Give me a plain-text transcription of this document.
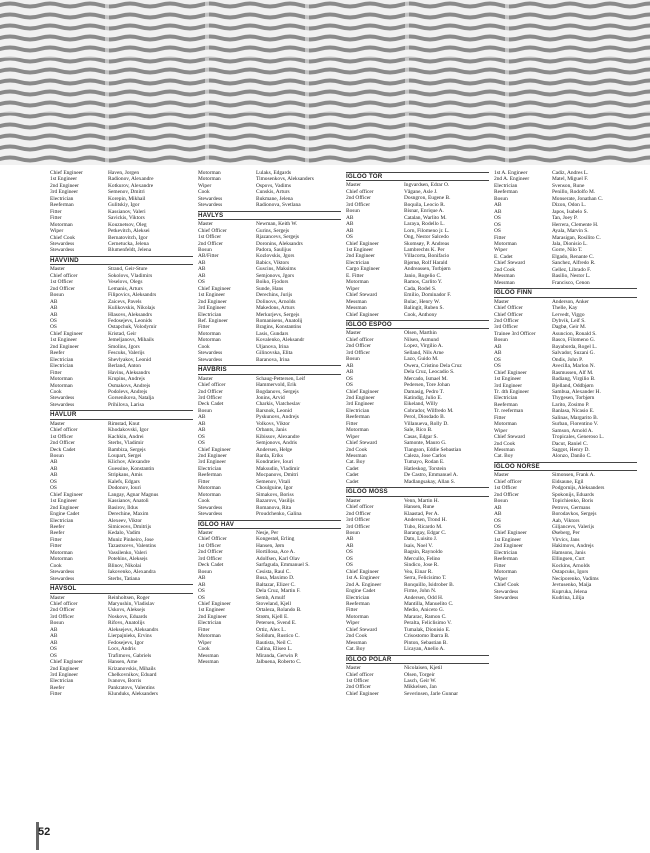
Chief Engineer	Haven, Jorgen
1st Engineer	Radionov, Alexandre
2nd Engineer	Kotkurov, Alexandre
3rd Engineer	Semenov, Dmitri
Electrician	Korepin, Mikhail
Reeferman	Gulitskiy, Igor
Fitter	Kassianov, Valeri
Fitter	Savickis, Viktors
Motorman	Kouznetsov, Oleg
Wiper	Petkevitch, Aleksei
Chief Cook	Bernatovitch, Igor
Stewardess	Cernetucka, Jelena
Stewardess	Blumenfeldt, Jelena
HAVVIND
Master	Strand, Geir-Sture
Chief officer	Sokolovs, Vladimirs
1st Officer	Veselovs, Olegs
2nd Officer	Lemanis, Arturs
Bosun	Filipovics, Aleksandrs
AB	Zaicevs, Pavels
AB	Kulikovskis, Nikolajs
AB	Hlasovs, Aleksandrs
OS	Fedosejevs, Leonids
OS	Ostapchuk, Volodymir
Chief Engineer	Kristad, Geir
1st Engineer	Jemeljanovs, Mihails
2nd Engineer	Smolins, Jgors
Reefer	Fescuks, Valerijs
Electrician	Shevlyakov, Leonid
Electrician	Berland, Anton
Fitter	Havins, Aleksandrs
Motorman	Krupins, Andrejs
Motorman	Osmakovs, Andrejs
Cook	Podolevs, Andrejs
Stewardess	Gorsenikova, Natalja
Stewardess	Prihilova, Larisa
HAVLUR
Master	Rimstad, Knut
Chief officer	Khodakovski, Igor
1st Officer	Kachkin, Andrei
2nd Officer	Sterbs, Vladimir
Deck Cadet	Bambiza, Sergejs
Bosun	Loupart, Sergei
AB	Klichov, Alexandre
AB	Guessine, Konstantin
AB	Stripkans, Amis
OS	Kalefs, Edgars
OS	Dodonov, Iouri
Chief Engineer	Langay, Agnar Magnus
1st Engineer	Kassianov, Anatoli
2nd Engineer	Basirov, Ildus
Engine Cadet	Derechine, Maxim
Electrician	Alexeev, Viktor
Reefer	Simiceovs, Dmitrijs
Reefer	Kedalo, Vadim
Fitter	Muniz Pinheiro, Jose
Fitter	Tazastscevs, Valentins
Motorman	Vassilenko, Valeri
Motorman	Potehins, Aleksejs
Cook	Blinov, Nikolai
Stewardess	Iakovenko, Alexandra
Stewardess	Sterbs, Tatiana
HAVSOL
Master	Reinholtsen, Roger
Chief officer	Maryushin, Vladislav
2nd Officer	Uskovs, Aleksejs
3rd Officer	Noskovs, Eduards
Bosun	Rifovs, Anatolijs
AB	Aleksejevs, Aleksandrs
AB	Lierpajnieks, Ervins
AB	Fedosejevs, Igor
OS	Locs, Andris
OS	Trafimovs, Gabriels
Chief Engineer	Hansen, Arne
2nd Engineer	Krizanovskis, Mihails
3rd Engineer	Chelkovnikov, Eduard
Electrician	Ivanovs, Borris
Reefer	Pankratovs, Valentins
Fitter	Klunduks, Aleksanders
Motorman	Lulaks, Edgards
Motorman	Timosenkovs, Aleksanders
Wiper	Ospovs, Vadims
Cook	Cunskis, Arturs
Stewardess	Bukmane, Jelena
Stewardess	Radionova, Svetlana
HAVLYS
Master	Newman, Keith W.
Chief Officer	Gurins, Sergejs
1st Officer	Rjazancevs, Sergejs
2nd Officer	Doronins, Aleksandrs
Bosun	Padora, Saulijus
AB/Fitter	Kozlovskis, Jgors
AB	Babics, Viktors
AB	Guscins, Maksims
AB	Semjonovs, Jgors
OS	Boiko, Fjodors
Chief Engineer	Sunde, Hans
1st Engineer	Derechins, Jurijs
2nd Engineer	Dolinovs, Arnolds
3rd Engineer	Makedons, Arturs
Electrician	Merkurjevs, Sergejs
Ref. Engineer	Romanisens, Anatolij
Fitter	Bragins, Konstantins
Motorman	Lasis, Gundars
Motorman	Kovalenko, Aleksandr
Cook	Uljanova, Irina
Stewardess	Gilinovska, Elita
Stewardess	Baranova, Irina
HAVBRIS
Master	Schaug-Pettersen, Leif
Chief officer	Hammervold, Erik
2nd Officer	Bogdanovs, Sergejs
3rd Officer	Jonins, Arvid
Deck Cadet	Charkis, Viatcheslav
Bosun	Barsnok, Leonid
AB	Pyskunovs, Andrejs
AB	Volkovs, Viktor
AB	Orbants, Janis
OS	Kibissov, Alexandre
OS	Semjonovs, Andris
Chief Engineer	Andersen, Helge
2nd Engineer	Barda, Eriks
3rd Engineer	Kondratiev, Iouri
Electrician	Maksudin, Vladimir
Reeferman	Mocpanovs, Dmitri
Fitter	Semenov, Vitali
Motorman	Choulguine, Igor
Motorman	Simakovs, Boriss
Cook	Bazarovs, Vasilijs
Stewardess	Romanova, Rita
Stewardess	Proudchenko, Galina
IGLOO HAV
Master	Nesje, Per
Chief Officer	Kongestøl, Erling
1st Officer	Hansen, Jørn
2nd Officer	Hortillosa, Ace A.
3rd Officer	Adolfsen, Karl Olav
Deck Cadet	Sarfaguda, Emmanuel S.
Bosun	Cesista, Raul C.
AB	Busa, Maximo D.
AB	Baltazar, Elizer C.
OS	Dela Cruz, Martin F.
OS	Semb, Arnulf
Chief Engineer	Stoveland, Kjell
1st Engineer	Ortaleza, Rolando B.
2nd Engineer	Strøm, Kjell E.
Electrician	Petersen, Svend E.
Fitter	Ortiz, Alex L.
Motorman	Solidum, Rustico C.
Wiper	Bautista, Neil C.
Cook	Calina, Eliseo L.
Messman	Miranda, Gerwin P.
Messman	Jalbuena, Roberto C.
IGLOO TOR
Master	Ingvardsen, Edrar O.
Chief officer	Vågane, Asle J.
2nd Officer	Dosngron, Eugene B.
3rd Officer	Boquila, Leocio R.
Bosun	Bisnar, Enrique A.
AB	Catalan, Warlito M.
AB	Laraya, Rodello L.
AB	Lorn, Filomeno jr. L.
OS	Ong, Nestor Salcedo
Chief Engineer	Skomsøy, P. Andreas
1st Engineer	Lambrechts K. Per
2nd Engineer	Villacorta, Bonifacio
Electrician	Bjørnø, Rolf Harald
Cargo Engineer	Andreassen, Torbjørn
E. Fitter	Janio, Rogelio C.
Motorman	Ramos, Carlito Y.
Wiper	Cada, Rodel S.
Chief Steward	Emilio, Dominador F.
Messman	Bulac, Henry W.
Messman	Balingit, Ruben S.
Chief Engineer	Cook, Anthony
IGLOO ESPOO
Master	Olsen, Marthin
Chief officer	Nilsen, Asmund
2nd Officer	Lopez, Virgilio A.
3rd Officer	Selland, Nils Arne
Bosun	Lazo, Guido M.
AB	Owera, Cristino Dela Cruz
AB	Dela Cruz, Leocadio S.
OS	Mercado, Ismael M.
OS	Pedersen, Tore Johan
Chief Engineer	Damasig, Pedro T.
2nd Engineer	Katindig, Julio E.
3rd Engineer	Eikeland, Willy
Electrician	Cobrador, Wilfredo M.
Reeferman	Perol, Diosdado B.
Fitter	Villanueva, Rolly D.
Motorman	Sale, Rico B.
Wiper	Casas, Edgar S.
Chief Steward	Samonte, Mauro G.
2nd Cook	Tiangson, Eddie Sebastian
Messman	Caleza, Jose Carlos
Cat. Boy	Tumayo, Rodan E.
Cadet	Hatleskog, Torstein
Cadet	De Castro, Emmanuel A.
Cadet	Madlangsakay, Allan S.
IGLOO MOSS
Master	Venn, Martin H.
Chief officer	Hansen, Rune
2nd Officer	Klaastad, Per A.
3rd Officer	Andersen, Trond H.
3rd Officer	Tubo, Ricardo M.
Bosun	Barangay, Edgar C.
AB	Datu, Luisito J.
AB	Isais, Noel V.
OS	Bagsin, Raynoldo
OS	Mercullo, Felino
OS	Sindico, Jose R.
Chief Engineer	Vea, Einar R.
1st A. Engineer	Serra, Felicisimo T.
2nd A. Engineer	Ronquillo, Isidrober B.
Engine Cadet	Firme, John N.
Electrician	Andersen, Odd H.
Reeferman	Mantilla, Manuelito C.
Fitter	Medio, Aniceto G.
Motorman	Mararac, Ramon C.
Wiper	Peralta, Feliclisimo V.
Chief Steward	Tumalak, Dionisio E.
2nd Cook	Crisostomo Ibarra B.
Messman	Pinton, Sebastian B.
Cat. Boy	Licayan, Anelio A.
IGLOO POLAR
Master	Nicolaisen, Kjetil
Chief officer	Olsen, Torgeir
1st Officer	Lasch, Geir W.
2nd Officer	Mikkelsen, Jan
Chief Engineer	Severinsen, Jarle Gunnar
1st A. Engineer	Cadiz, Andres L.
2nd A. Engineer	Matel, Miguel F.
Electrician	Svenson, Rune
Reeferman	Penillo, Rodolfo M.
Bosun	Monserate, Jonathan C.
AB	Dizon, Odon L.
AB	Japos, Isabelo S.
OS	Tan, Joey P.
OS	Herrera, Clemente H.
OS	Ayala, Marvin S.
Fitter	Marasigan, Rosilito C.
Motorman	Jala, Dionisio L.
Wiper	Gorre, Nilo T.
E. Cadet	Elgado, Renante C.
Chief Steward	Sanchez, Alfredo R.
2nd Cook	Gellez, Librado F.
Messman	Basilio, Nestor L.
Messman	Francisco, Cenon
IGLOO FINN
Master	Anderson, Anker
Chief Officer	Thelle, Kay
Chief Officer	Lervedt, Viggo
2nd Officer	Dybvik, Leif S.
3rd Officer	Dagbø, Geir M.
Trainee 3rd Officer	Asuncion, Ronald S.
Bosun	Basco, Filomeno G.
AB	Bayaborda, Rogel L.
AB	Salvador, Suzani G.
OS	Ondis, John P.
OS	Avecilla, Marlon N.
Chief Engineer	Rasmussen, Alf M.
1st Engineer	Badiang, Virgilio B.
3rd Engineer	Bjelland, Oddbjørn
Tr. 4th Engineer	Sambua, Alexander H.
Electrician	Thygesen, Torbjørn
Reeferman	Larito, Zosimo P.
Tr. reeferman	Banlasa, Nicasio E.
Fitter	Salinas, Margarito B.
Motorman	Surban, Florentino V.
Wiper	Samson, Arnold A.
Chief Steward	Tropicales, Generoso L.
2nd Cook	Dacut, Raniel C.
Messman	Saggot, Henry D.
Cat. Boy	Alonzo, Danilo C.
IGLOO NORSE
Master	Simonsen, Frank A.
Chief officer	Eidsaune, Egil
1st Officer	Podgornijs, Aleksanders
2nd Officer	Spokonijs, Eduards
Bosun	Topichienko, Boris
AB	Petrovs, Germans
AB	Borodavkos, Sergejs
OS	Aab, Viktors
OS	Giljancevs, Valerijs
Chief Engineer	Øseberg, Per
1st Engineer	Virvics, Jans
2nd Engineer	Hakimovs, Andrejs
Electrician	Hamsons, Janis
Reeferman	Ellingsen, Curt
Fitter	Kockins, Arnolds
Motorman	Ostapcuks, Igors
Wiper	Neciporenko, Vadims
Chief Cook	Jevtusenko, Maija
Stewardess	Kupruka, Jelena
Stewardess	Kudrina, Lilija
52
